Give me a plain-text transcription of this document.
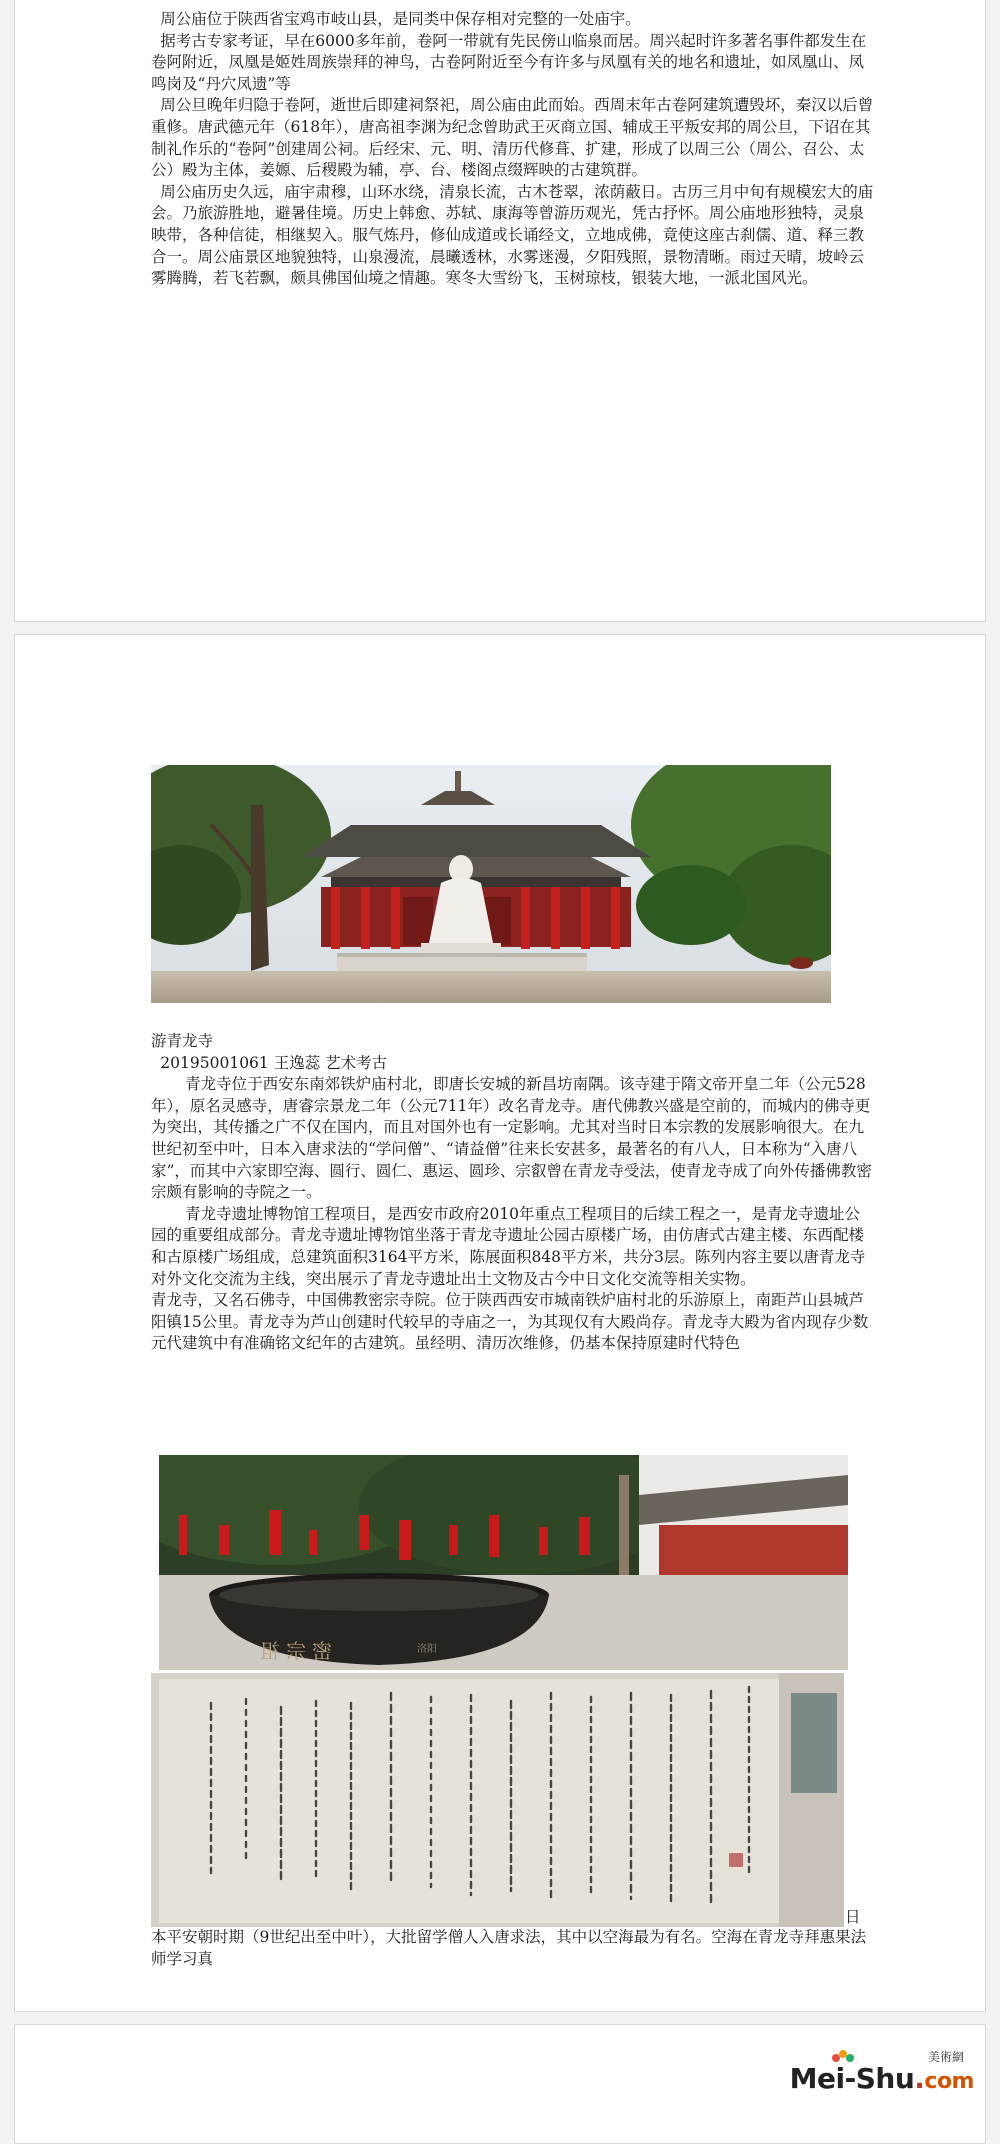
周公庙位于陕西省宝鸡市岐山县，是同类中保存相对完整的一处庙宇。

据考古专家考证，早在6000多年前，卷阿一带就有先民傍山临泉而居。周兴起时许多著名事件都发生在卷阿附近，凤凰是姬姓周族崇拜的神鸟，古卷阿附近至今有许多与凤凰有关的地名和遗址，如凤凰山、凤鸣岗及“丹穴凤遗”等

周公旦晚年归隐于卷阿，逝世后即建祠祭祀，周公庙由此而始。西周末年古卷阿建筑遭毁坏，秦汉以后曾重修。唐武德元年（618年），唐高祖李渊为纪念曾助武王灭商立国、辅成王平叛安邦的周公旦，下诏在其制礼作乐的“卷阿”创建周公祠。后经宋、元、明、清历代修葺、扩建，形成了以周三公（周公、召公、太公）殿为主体，姜嫄、后稷殿为辅，亭、台、楼阁点缀辉映的古建筑群。

周公庙历史久远，庙宇肃穆，山环水绕，清泉长流，古木苍翠，浓荫蔽日。古历三月中旬有规模宏大的庙会。乃旅游胜地，避暑佳境。历史上韩愈、苏轼、康海等曾游历观光，凭古抒怀。周公庙地形独特，灵泉映带，各种信徒，相继契入。服气炼丹，修仙成道或长诵经文，立地成佛，竟使这座古刹儒、道、释三教合一。周公庙景区地貌独特，山泉漫流，晨曦透林，水雾迷漫，夕阳残照，景物清晰。雨过天晴，坡岭云雾腾腾，若飞若飘，颇具佛国仙境之情趣。寒冬大雪纷飞，玉树琼枝，银装大地，一派北国风光。

游青龙寺

20195001061 王逸蕊 艺术考古

青龙寺位于西安东南郊铁炉庙村北，即唐长安城的新昌坊南隅。该寺建于隋文帝开皇二年（公元528年），原名灵感寺，唐睿宗景龙二年（公元711年）改名青龙寺。唐代佛教兴盛是空前的，而城内的佛寺更为突出，其传播之广不仅在国内，而且对国外也有一定影响。尤其对当时日本宗教的发展影响很大。在九世纪初至中叶，日本入唐求法的“学问僧”、“请益僧”往来长安甚多，最著名的有八人，日本称为“入唐八家”，而其中六家即空海、圆行、圆仁、惠运、圆珍、宗叡曾在青龙寺受法，使青龙寺成了向外传播佛教密宗颇有影响的寺院之一。

青龙寺遗址博物馆工程项目，是西安市政府2010年重点工程项目的后续工程之一，是青龙寺遗址公园的重要组成部分。青龙寺遗址博物馆坐落于青龙寺遗址公园古原楼广场，由仿唐式古建主楼、东西配楼和古原楼广场组成，总建筑面积3164平方米，陈展面积848平方米，共分3层。陈列内容主要以唐青龙寺对外文化交流为主线，突出展示了青龙寺遗址出土文物及古今中日文化交流等相关实物。

青龙寺，又名石佛寺，中国佛教密宗寺院。位于陕西西安市城南铁炉庙村北的乐游原上，南距芦山县城芦阳镇15公里。青龙寺为芦山创建时代较早的寺庙之一，为其现仅有大殿尚存。青龙寺大殿为省内现存少数元代建筑中有准确铭文纪年的古建筑。虽经明、清历次维修，仍基本保持原建时代特色

密宗祖	洛阳
日

本平安朝时期（9世纪出至中叶），大批留学僧人入唐求法，其中以空海最为有名。空海在青龙寺拜惠果法师学习真

美術網
Mei-Shu.com
